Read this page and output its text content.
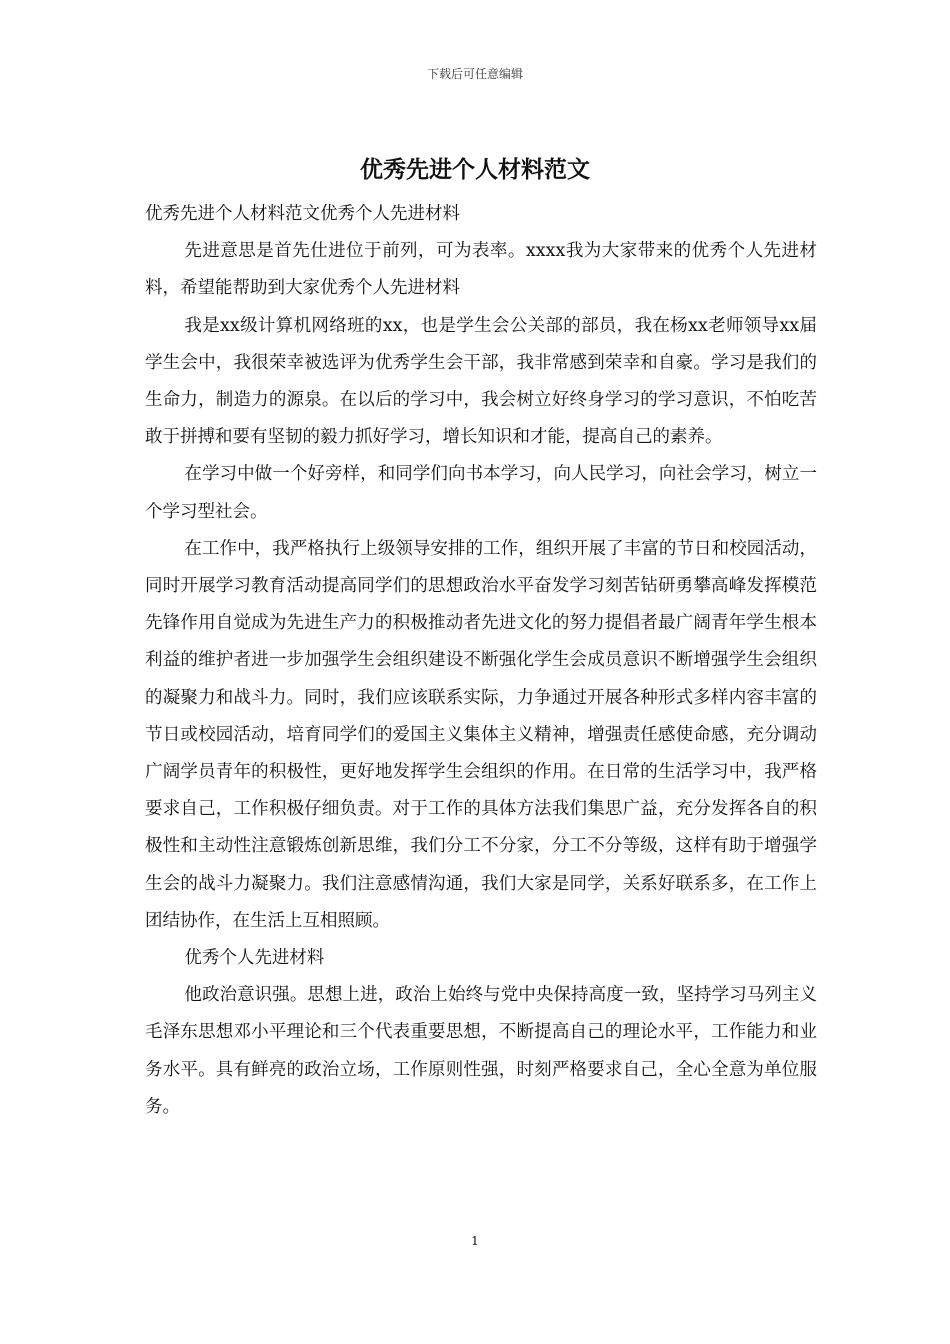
下载后可任意编辑
优秀先进个人材料范文

优秀先进个人材料范文优秀个人先进材料

先进意思是首先仕进位于前列，可为表率。xxxx我为大家带来的优秀个人先进材料，希望能帮助到大家优秀个人先进材料

我是xx级计算机网络班的xx，也是学生会公关部的部员，我在杨xx老师领导xx届学生会中，我很荣幸被选评为优秀学生会干部，我非常感到荣幸和自豪。学习是我们的生命力，制造力的源泉。在以后的学习中，我会树立好终身学习的学习意识，不怕吃苦敢于拼搏和要有坚韧的毅力抓好学习，增长知识和才能，提高自己的素养。

在学习中做一个好旁样，和同学们向书本学习，向人民学习，向社会学习，树立一个学习型社会。

在工作中，我严格执行上级领导安排的工作，组织开展了丰富的节日和校园活动，同时开展学习教育活动提高同学们的思想政治水平奋发学习刻苦钻研勇攀高峰发挥模范先锋作用自觉成为先进生产力的积极推动者先进文化的努力提倡者最广阔青年学生根本利益的维护者进一步加强学生会组织建设不断强化学生会成员意识不断增强学生会组织的凝聚力和战斗力。同时，我们应该联系实际，力争通过开展各种形式多样内容丰富的节日或校园活动，培育同学们的爱国主义集体主义精神，增强责任感使命感，充分调动广阔学员青年的积极性，更好地发挥学生会组织的作用。在日常的生活学习中，我严格要求自己，工作积极仔细负责。对于工作的具体方法我们集思广益，充分发挥各自的积极性和主动性注意锻炼创新思维，我们分工不分家，分工不分等级，这样有助于增强学生会的战斗力凝聚力。我们注意感情沟通，我们大家是同学，关系好联系多，在工作上团结协作，在生活上互相照顾。

优秀个人先进材料

他政治意识强。思想上进，政治上始终与党中央保持高度一致，坚持学习马列主义毛泽东思想邓小平理论和三个代表重要思想，不断提高自己的理论水平，工作能力和业务水平。具有鲜亮的政治立场，工作原则性强，时刻严格要求自己，全心全意为单位服务。

1
